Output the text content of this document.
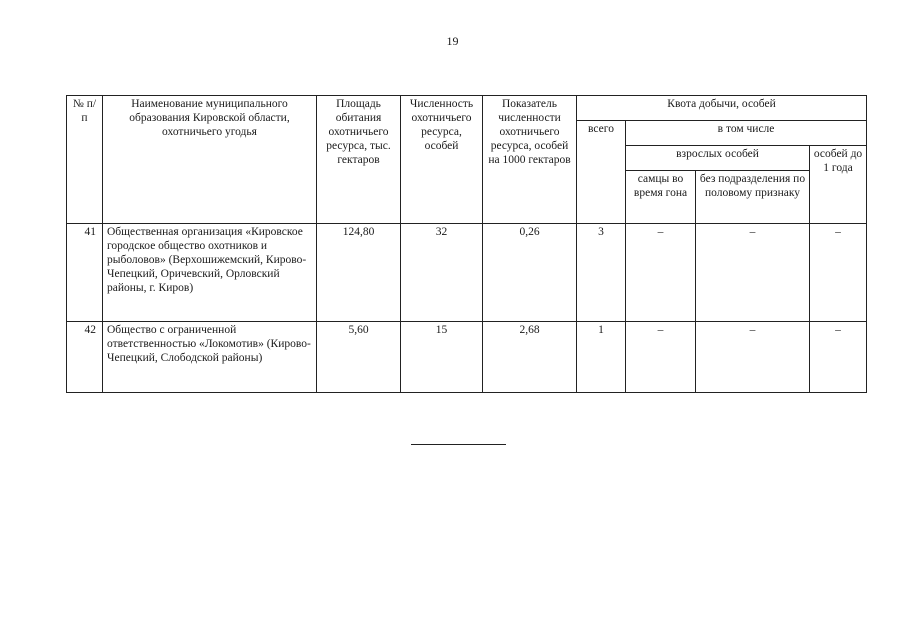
19
№ п/п	Наименование муниципального образования Кировской области, охотничьего угодья	Площадь обитания охотничьего ресурса, тыс. гектаров	Численность охотничьего ресурса, особей	Показатель численности охотничьего ресурса, особей на 1000 гектаров	Квота добычи, особей			
					всего	в том числе		
						взрослых особей		особей до 1 года
						самцы во время гона	без подразделения по половому признаку	
41	Общественная организация «Кировское городское общество охотников и рыболовов» (Верхошижемский, Кирово-Чепецкий, Оричевский, Орловский районы, г. Киров)	124,80	32	0,26	3	–	–	–
42	Общество с ограниченной ответственностью «Локомотив» (Кирово-Чепецкий, Слободской районы)	5,60	15	2,68	1	–	–	–
